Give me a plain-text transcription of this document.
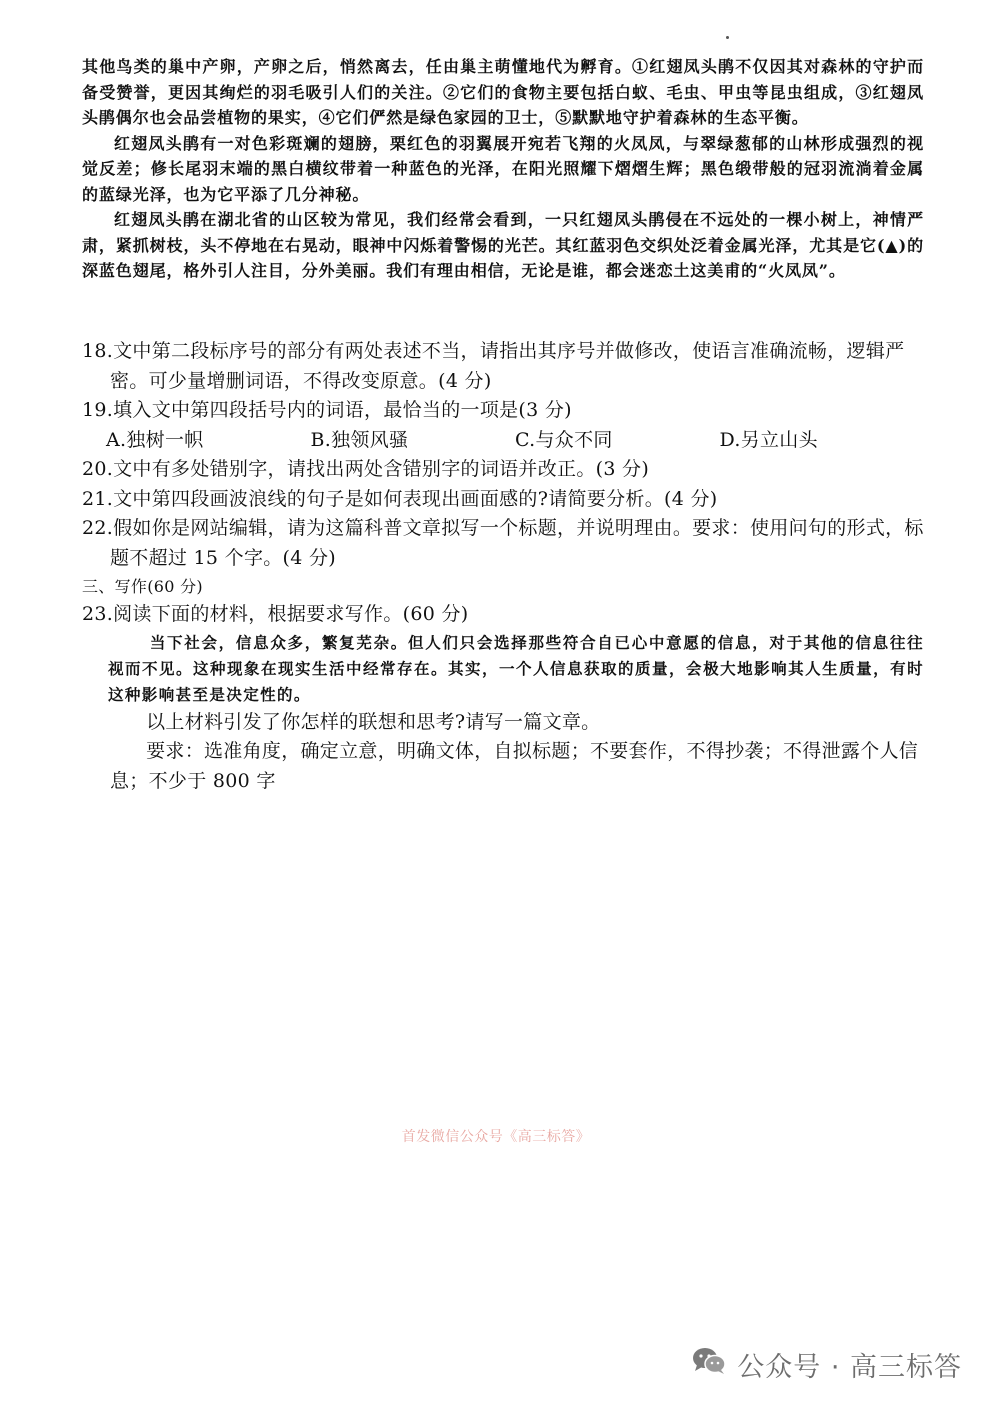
其他鸟类的巢中产卵，产卵之后，悄然离去，任由巢主萌懂地代为孵育。①红翅凤头鹃不仅因其对森林的守护而备受赞誉，更因其绚烂的羽毛吸引人们的关注。②它们的食物主要包括白蚁、毛虫、甲虫等昆虫组成，③红翅凤头鹃偶尔也会品尝植物的果实，④它们俨然是绿色家园的卫士，⑤默默地守护着森林的生态平衡。

红翅凤头鹃有一对色彩斑斓的翅膀，栗红色的羽翼展开宛若飞翔的火凤凤，与翠绿葱郁的山林形成强烈的视觉反差；修长尾羽末端的黑白横纹带着一种蓝色的光泽，在阳光照耀下熠熠生辉；黑色缎带般的冠羽流淌着金属的蓝绿光泽，也为它平添了几分神秘。

红翅凤头鹃在湖北省的山区较为常见，我们经常会看到，一只红翅凤头鹃侵在不远处的一棵小树上，神情严肃，紧抓树枝，头不停地在右晃动，眼神中闪烁着警惕的光芒。其红蓝羽色交织处泛着金属光泽，尤其是它(▲)的深蓝色翅尾，格外引人注目，分外美丽。我们有理由相信，无论是谁，都会迷恋土这美甫的“火凤凤”。

18.文中第二段标序号的部分有两处表述不当，请指出其序号并做修改，使语言准确流畅，逻辑严密。可少量增删词语，不得改变原意。(4 分)

19.填入文中第四段括号内的词语，最恰当的一项是(3 分)

A.独树一帜	B.独领风骚	C.与众不同	D.另立山头

20.文中有多处错别字，请找出两处含错别字的词语并改正。(3 分)

21.文中第四段画波浪线的句子是如何表现出画面感的?请简要分析。(4 分)

22.假如你是网站编辑，请为这篇科普文章拟写一个标题，并说明理由。要求：使用问句的形式，标题不超过 15 个字。(4 分)

三、写作(60 分)

23.阅读下面的材料，根据要求写作。(60 分)

当下社会，信息众多，繁复芜杂。但人们只会选择那些符合自已心中意愿的信息，对于其他的信息往往视而不见。这种现象在现实生活中经常存在。其实，一个人信息获取的质量，会极大地影响其人生质量，有时这种影响甚至是决定性的。

以上材料引发了你怎样的联想和思考?请写一篇文章。

要求：选准角度，确定立意，明确文体，自拟标题；不要套作，不得抄袭；不得泄露个人信息；不少于 800 字

首发微信公众号《高三标答》
公众号 · 高三标答
